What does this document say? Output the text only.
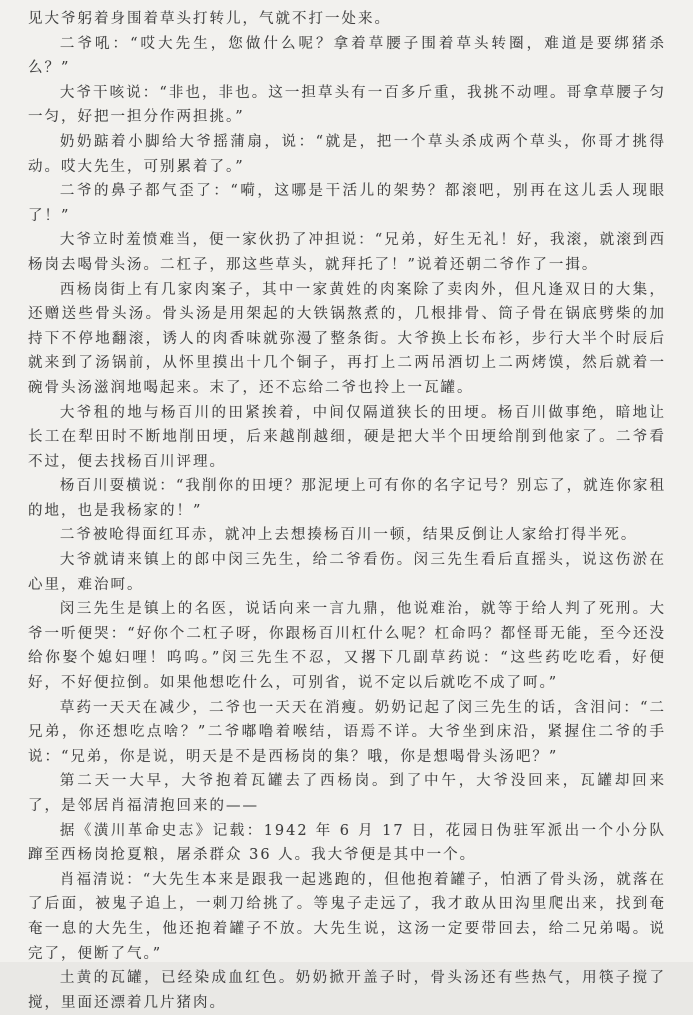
见大爷躬着身围着草头打转儿，气就不打一处来。

二爷吼：“哎大先生，您做什么呢？拿着草腰子围着草头转圈，难道是要绑猪杀么？”

大爷干咳说：“非也，非也。这一担草头有一百多斤重，我挑不动哩。哥拿草腰子匀一匀，好把一担分作两担挑。”

奶奶踮着小脚给大爷摇蒲扇，说：“就是，把一个草头杀成两个草头，你哥才挑得动。哎大先生，可别累着了。”

二爷的鼻子都气歪了：“嗬，这哪是干活儿的架势？都滚吧，别再在这儿丢人现眼了！”

大爷立时羞愤难当，便一家伙扔了冲担说：“兄弟，好生无礼！好，我滚，就滚到西杨岗去喝骨头汤。二杠子，那这些草头，就拜托了！”说着还朝二爷作了一揖。

西杨岗街上有几家肉案子，其中一家黄姓的肉案除了卖肉外，但凡逢双日的大集，还赠送些骨头汤。骨头汤是用架起的大铁锅熬煮的，几根排骨、筒子骨在锅底劈柴的加持下不停地翻滚，诱人的肉香味就弥漫了整条街。大爷换上长布衫，步行大半个时辰后就来到了汤锅前，从怀里摸出十几个铜子，再打上二两吊酒切上二两烤馍，然后就着一碗骨头汤滋润地喝起来。末了，还不忘给二爷也拎上一瓦罐。

大爷租的地与杨百川的田紧挨着，中间仅隔道狭长的田埂。杨百川做事绝，暗地让长工在犁田时不断地削田埂，后来越削越细，硬是把大半个田埂给削到他家了。二爷看不过，便去找杨百川评理。

杨百川耍横说：“我削你的田埂？那泥埂上可有你的名字记号？别忘了，就连你家租的地，也是我杨家的！”

二爷被呛得面红耳赤，就冲上去想揍杨百川一顿，结果反倒让人家给打得半死。

大爷就请来镇上的郎中闵三先生，给二爷看伤。闵三先生看后直摇头，说这伤淤在心里，难治呵。

闵三先生是镇上的名医，说话向来一言九鼎，他说难治，就等于给人判了死刑。大爷一听便哭：“好你个二杠子呀，你跟杨百川杠什么呢？杠命吗？都怪哥无能，至今还没给你娶个媳妇哩！呜呜。”闵三先生不忍，又撂下几副草药说：“这些药吃吃看，好便好，不好便拉倒。如果他想吃什么，可别省，说不定以后就吃不成了呵。”

草药一天天在减少，二爷也一天天在消瘦。奶奶记起了闵三先生的话，含泪问：“二兄弟，你还想吃点啥？”二爷嘟噜着喉结，语焉不详。大爷坐到床沿，紧握住二爷的手说：“兄弟，你是说，明天是不是西杨岗的集？哦，你是想喝骨头汤吧？”

第二天一大早，大爷抱着瓦罐去了西杨岗。到了中午，大爷没回来，瓦罐却回来了，是邻居肖福清抱回来的——

据《潢川革命史志》记载：1942 年 6 月 17 日，花园日伪驻军派出一个小分队蹿至西杨岗抢夏粮，屠杀群众 36 人。我大爷便是其中一个。

肖福清说：“大先生本来是跟我一起逃跑的，但他抱着罐子，怕洒了骨头汤，就落在了后面，被鬼子追上，一刺刀给挑了。等鬼子走远了，我才敢从田沟里爬出来，找到奄奄一息的大先生，他还抱着罐子不放。大先生说，这汤一定要带回去，给二兄弟喝。说完了，便断了气。”

土黄的瓦罐，已经染成血红色。奶奶掀开盖子时，骨头汤还有些热气，用筷子搅了搅，里面还漂着几片猪肉。
